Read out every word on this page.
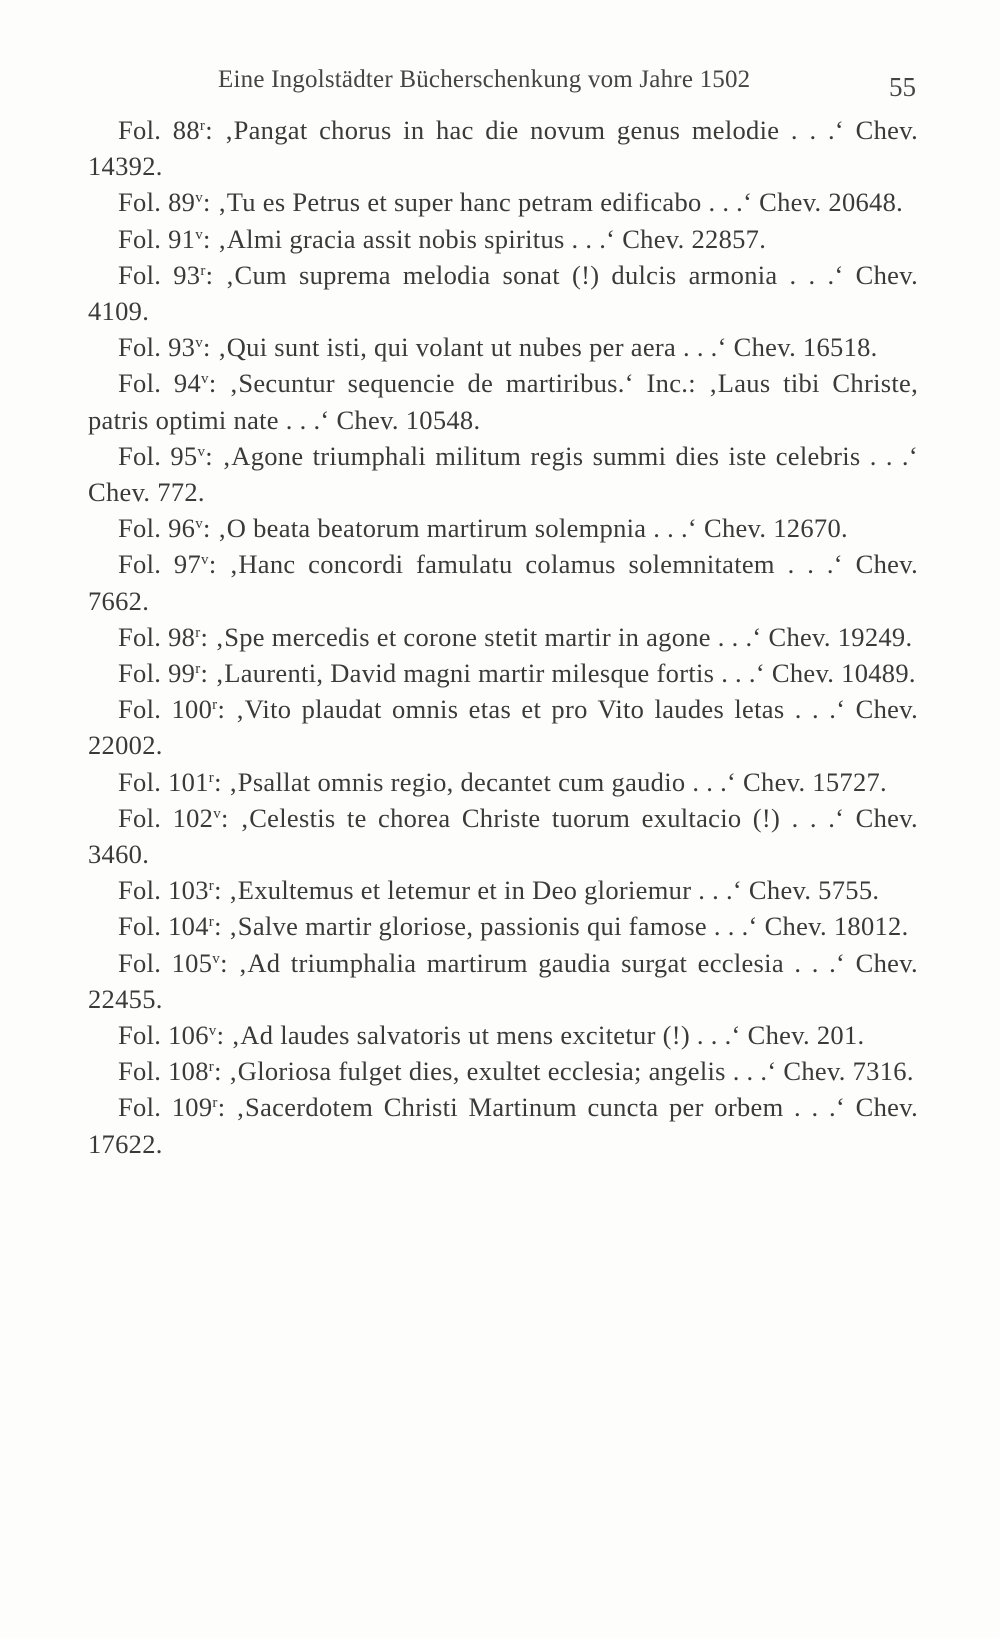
Eine Ingolstädter Bücherschenkung vom Jahre 1502	55

Fol. 88$^r$: ‚Pangat chorus in hac die novum genus melodie . . .‘ Chev. 14392.

Fol. 89$^v$: ‚Tu es Petrus et super hanc petram edificabo . . .‘ Chev. 20648.

Fol. 91$^v$: ‚Almi gracia assit nobis spiritus . . .‘ Chev. 22857.

Fol. 93$^r$: ‚Cum suprema melodia sonat (!) dulcis armonia . . .‘ Chev. 4109.

Fol. 93$^v$: ‚Qui sunt isti, qui volant ut nubes per aera . . .‘ Chev. 16518.

Fol. 94$^v$: ‚Secuntur sequencie de martiribus.‘ Inc.: ‚Laus tibi Christe, patris optimi nate . . .‘ Chev. 10548.

Fol. 95$^v$: ‚Agone triumphali militum regis summi dies iste celebris . . .‘ Chev. 772.

Fol. 96$^v$: ‚O beata beatorum martirum solempnia . . .‘ Chev. 12670.

Fol. 97$^v$: ‚Hanc concordi famulatu colamus solemnitatem . . .‘ Chev. 7662.

Fol. 98$^r$: ‚Spe mercedis et corone stetit martir in agone . . .‘ Chev. 19249.

Fol. 99$^r$: ‚Laurenti, David magni martir milesque fortis . . .‘ Chev. 10489.

Fol. 100$^r$: ‚Vito plaudat omnis etas et pro Vito laudes letas . . .‘ Chev. 22002.

Fol. 101$^r$: ‚Psallat omnis regio, decantet cum gaudio . . .‘ Chev. 15727.

Fol. 102$^v$: ‚Celestis te chorea Christe tuorum exultacio (!) . . .‘ Chev. 3460.

Fol. 103$^r$: ‚Exultemus et letemur et in Deo gloriemur . . .‘ Chev. 5755.

Fol. 104$^r$: ‚Salve martir gloriose, passionis qui famose . . .‘ Chev. 18012.

Fol. 105$^v$: ‚Ad triumphalia martirum gaudia surgat ecclesia . . .‘ Chev. 22455.

Fol. 106$^v$: ‚Ad laudes salvatoris ut mens excitetur (!) . . .‘ Chev. 201.

Fol. 108$^r$: ‚Gloriosa fulget dies, exultet ecclesia; angelis . . .‘ Chev. 7316.

Fol. 109$^r$: ‚Sacerdotem Christi Martinum cuncta per orbem . . .‘ Chev. 17622.
